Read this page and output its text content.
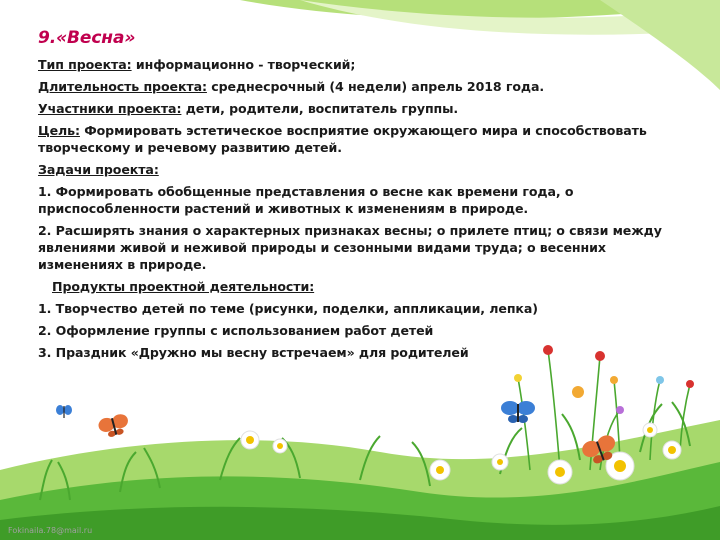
9.«Весна»
Тип проекта: информационно - творческий;
Длительность проекта: среднесрочный (4 недели) апрель 2018 года.
Участники проекта: дети, родители, воспитатель группы.
Цель: Формировать эстетическое восприятие окружающего мира и способствовать творческому и речевому развитию детей.
Задачи проекта:
1. Формировать обобщенные представления о весне как времени года, о приспособленности растений и животных к изменениям в природе.
2. Расширять знания о характерных признаках весны; о прилете птиц; о связи между явлениями живой и неживой природы и сезонными видами труда; о весенних изменениях в природе.
Продукты проектной деятельности:
1. Творчество детей по теме (рисунки, поделки, аппликации, лепка)
2. Оформление группы с использованием работ детей
3. Праздник «Дружно мы весну встречаем» для родителей
Fokinaila.78@mail.ru
